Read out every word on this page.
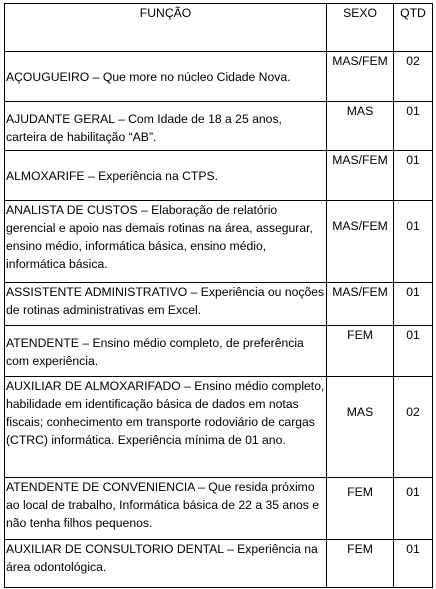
FUNÇÃO	SEXO	QTD

AÇOUGUEIRO – Que more no núcleo Cidade Nova.	MAS/FEM	02

AJUDANTE GERAL – Com Idade de 18 a 25 anos, carteira de habilitação “AB”.	MAS	01

ALMOXARIFE – Experiência na CTPS.	MAS/FEM	01
ANALISTA DE CUSTOS – Elaboração de relatório gerencial e apoio nas demais rotinas na área, assegurar, ensino médio, informática básica, ensino médio, informática básica.	MAS/FEM	01
ASSISTENTE ADMINISTRATIVO – Experiência ou noções de rotinas administrativas em Excel.	MAS/FEM	01

ATENDENTE – Ensino médio completo, de preferência com experiência.	FEM	01
AUXILIAR DE ALMOXARIFADO – Ensino médio completo, habilidade em identificação básica de dados em notas fiscais; conhecimento em transporte rodoviário de cargas (CTRC) informática. Experiência mínima de 01 ano.	MAS	02
ATENDENTE DE CONVENIENCIA – Que resida próximo ao local de trabalho, Informática básica de 22 a 35 anos e não tenha filhos pequenos.	FEM	01
AUXILIAR DE CONSULTORIO DENTAL – Experiência na área odontológica.	FEM	01
